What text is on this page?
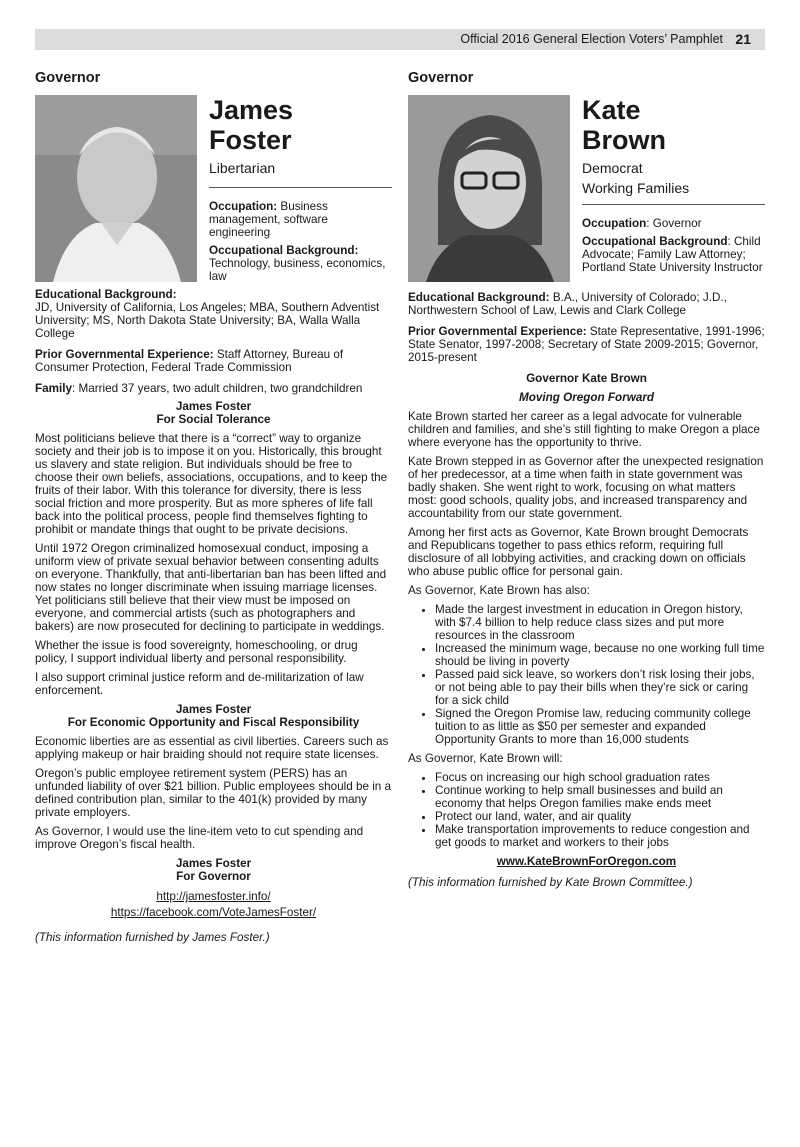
Official 2016 General Election Voters’ Pamphlet 21
Governor
James
Foster
Libertarian

Occupation: Business management, software engineering

Occupational Background:
Technology, business, economics, law

Educational Background:

JD, University of California, Los Angeles; MBA, Southern Adventist University; MS, North Dakota State University; BA, Walla Walla College

Prior Governmental Experience: Staff Attorney, Bureau of Consumer Protection, Federal Trade Commission

Family: Married 37 years, two adult children, two grandchildren

James Foster
For Social Tolerance

Most politicians believe that there is a “correct” way to organize society and their job is to impose it on you. Historically, this brought us slavery and state religion. But individuals should be free to choose their own beliefs, associations, occupations, and to keep the fruits of their labor. With this tolerance for diversity, there is less social friction and more prosperity. But as more spheres of life fall back into the political process, people find themselves fighting to prohibit or mandate things that ought to be private decisions.

Until 1972 Oregon criminalized homosexual conduct, imposing a uniform view of private sexual behavior between consenting adults on everyone. Thankfully, that anti-libertarian ban has been lifted and now states no longer discriminate when issuing marriage licenses. Yet politicians still believe that their view must be imposed on everyone, and commercial artists (such as photographers and bakers) are now prosecuted for declining to participate in weddings.

Whether the issue is food sovereignty, homeschooling, or drug policy, I support individual liberty and personal responsibility.

I also support criminal justice reform and de-militarization of law enforcement.

James Foster
For Economic Opportunity and Fiscal Responsibility

Economic liberties are as essential as civil liberties. Careers such as applying makeup or hair braiding should not require state licenses.

Oregon’s public employee retirement system (PERS) has an unfunded liability of over $21 billion. Public employees should be in a defined contribution plan, similar to the 401(k) provided by many private employers.

As Governor, I would use the line-item veto to cut spending and improve Oregon’s fiscal health.

James Foster
For Governor
http://jamesfoster.info/
https://facebook.com/VoteJamesFoster/
(This information furnished by James Foster.)
Governor
Kate
Brown
Democrat
Working Families

Occupation: Governor

Occupational Background: Child Advocate; Family Law Attorney; Portland State University Instructor

Educational Background: B.A., University of Colorado; J.D., Northwestern School of Law, Lewis and Clark College

Prior Governmental Experience: State Representative, 1991-1996; State Senator, 1997-2008; Secretary of State 2009-2015; Governor, 2015-present

Governor Kate Brown
Moving Oregon Forward

Kate Brown started her career as a legal advocate for vulnerable children and families, and she’s still fighting to make Oregon a place where everyone has the opportunity to thrive.

Kate Brown stepped in as Governor after the unexpected resignation of her predecessor, at a time when faith in state government was badly shaken. She went right to work, focusing on what matters most: good schools, quality jobs, and increased transparency and accountability from our state government.

Among her first acts as Governor, Kate Brown brought Democrats and Republicans together to pass ethics reform, requiring full disclosure of all lobbying activities, and cracking down on officials who abuse public office for personal gain.

As Governor, Kate Brown has also:

• Made the largest investment in education in Oregon history, with $7.4 billion to help reduce class sizes and put more resources in the classroom
• Increased the minimum wage, because no one working full time should be living in poverty
• Passed paid sick leave, so workers don’t risk losing their jobs, or not being able to pay their bills when they’re sick or caring for a sick child
• Signed the Oregon Promise law, reducing community college tuition to as little as $50 per semester and expanded Opportunity Grants to more than 16,000 students

As Governor, Kate Brown will:

• Focus on increasing our high school graduation rates
• Continue working to help small businesses and build an economy that helps Oregon families make ends meet
• Protect our land, water, and air quality
• Make transportation improvements to reduce congestion and get goods to market and workers to their jobs
www.KateBrownForOregon.com
(This information furnished by Kate Brown Committee.)
